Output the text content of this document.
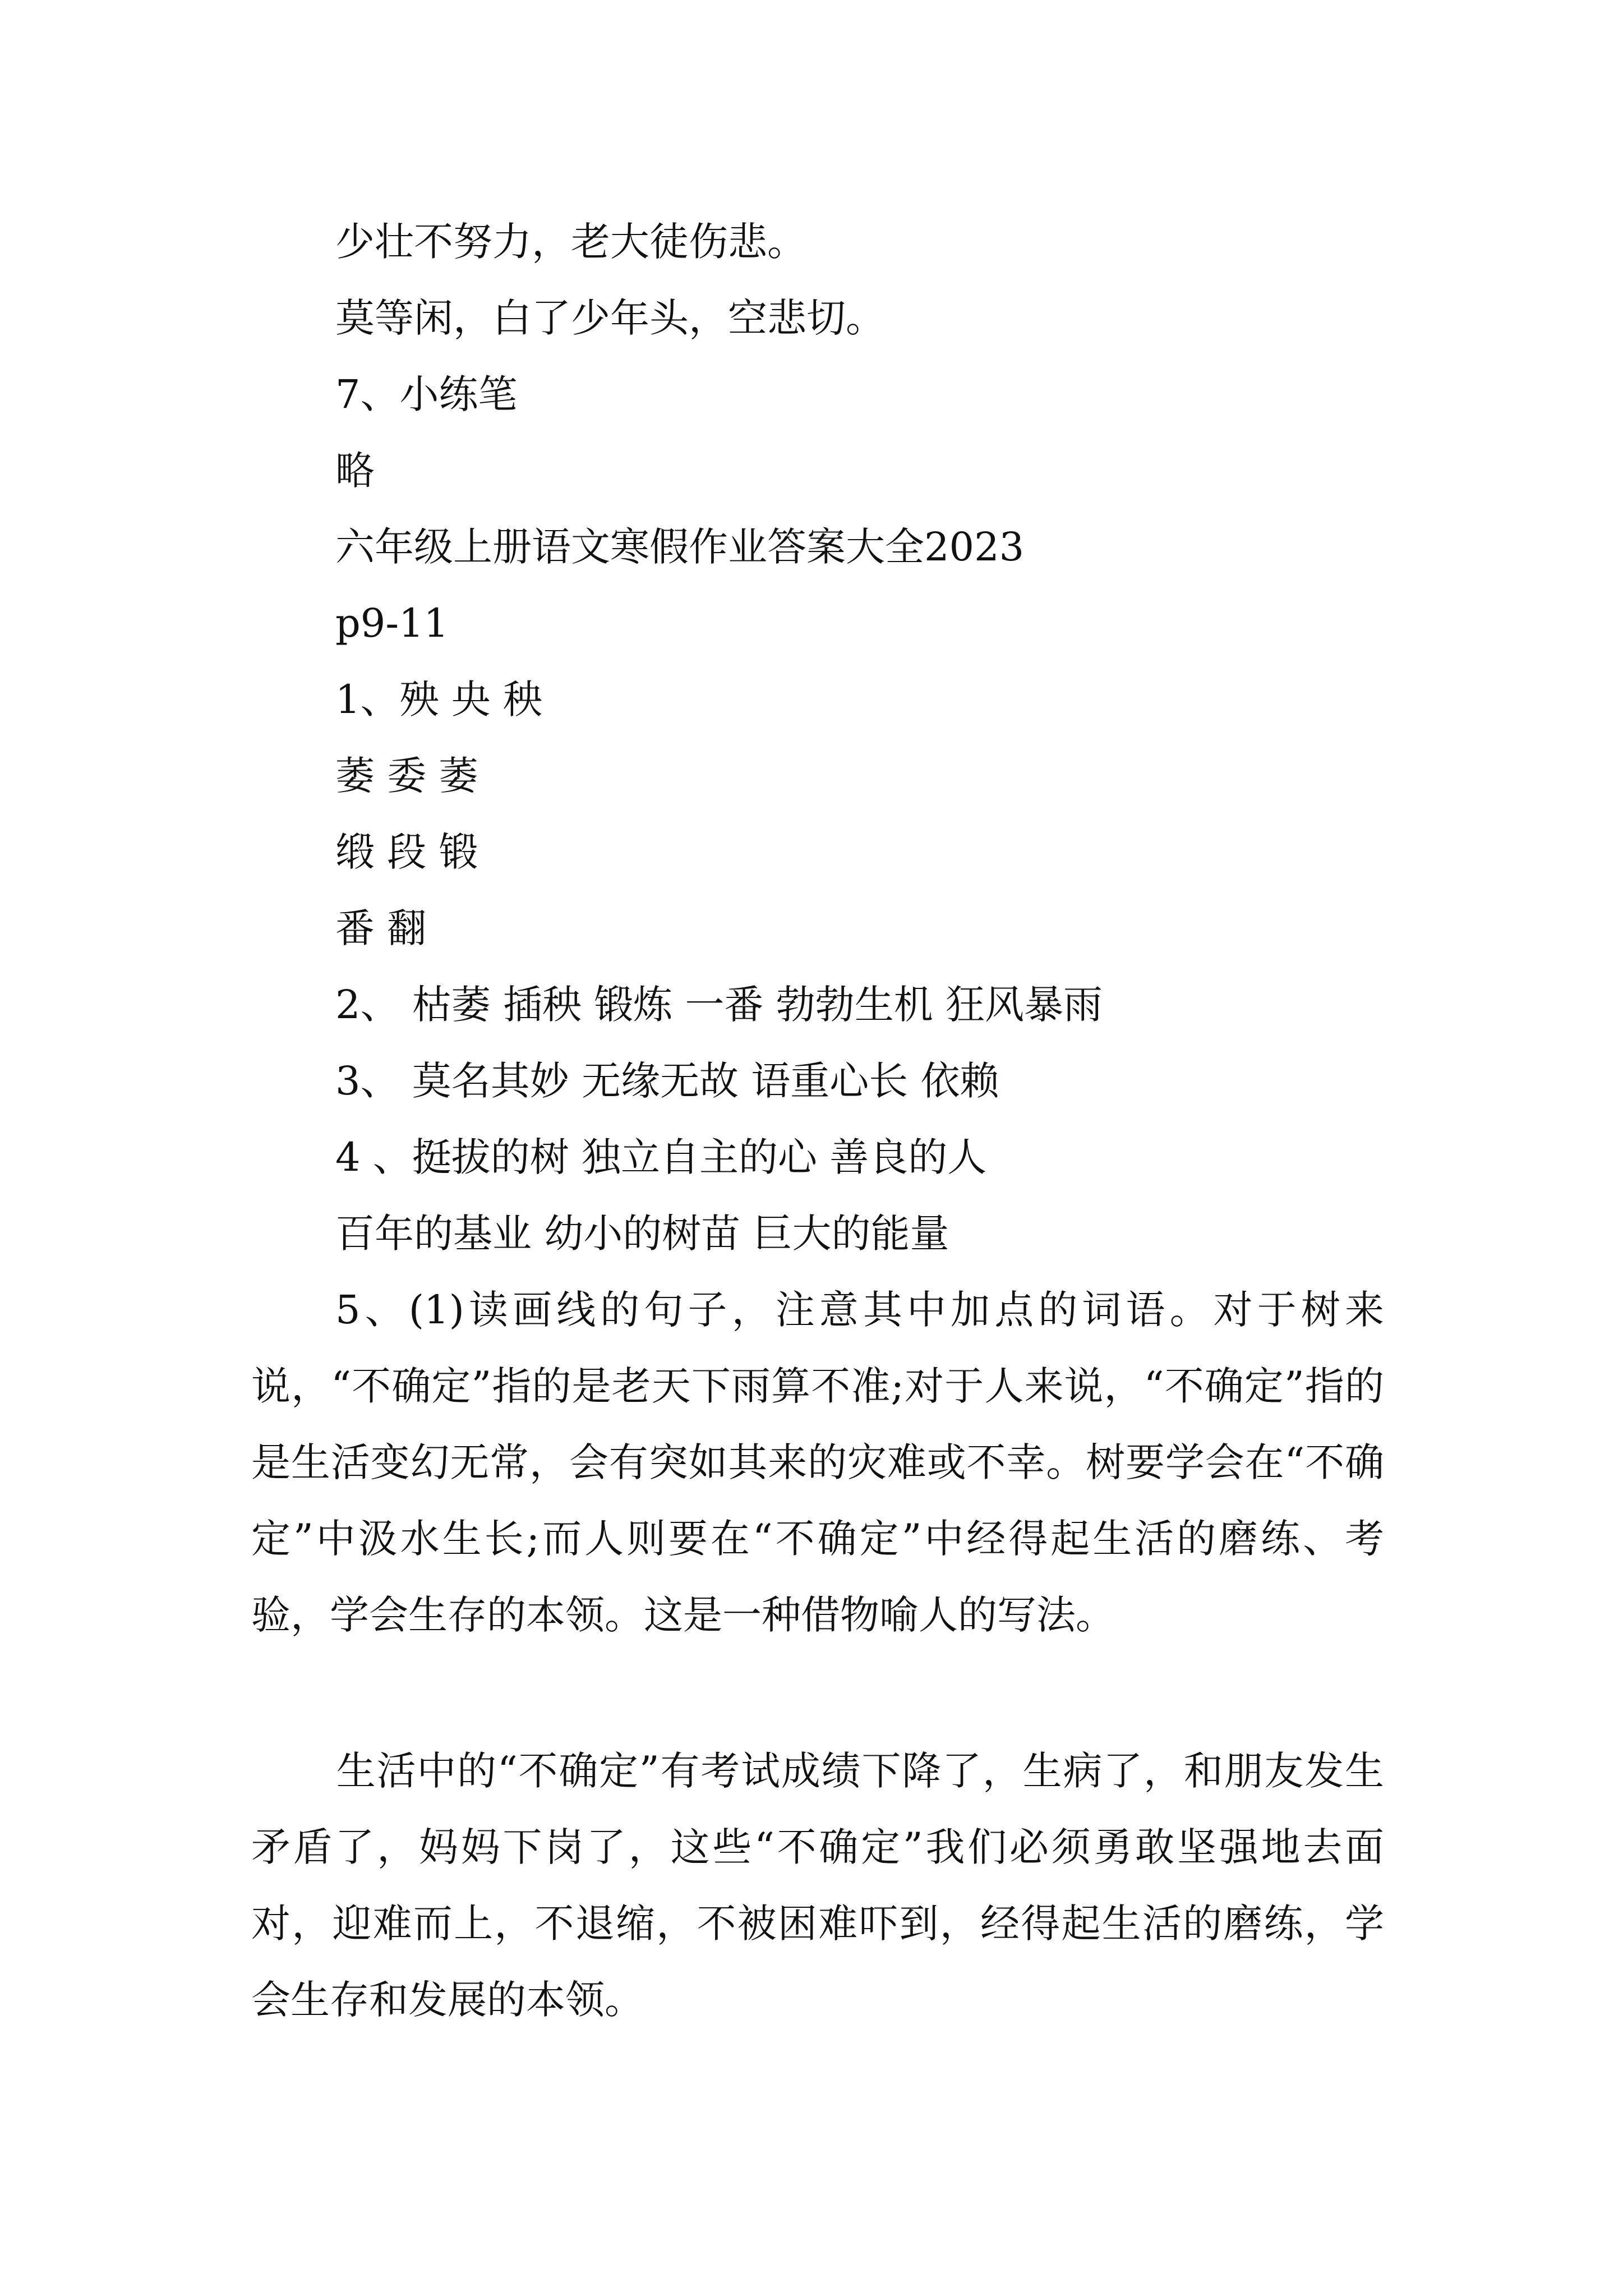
少壮不努力，老大徒伤悲。
莫等闲，白了少年头，空悲切。
7、小练笔
略
六年级上册语文寒假作业答案大全2023
p9-11
1、殃 央 秧
萎 委 萎
缎 段 锻
番 翻
2、 枯萎 插秧 锻炼 一番 勃勃生机 狂风暴雨
3、 莫名其妙 无缘无故 语重心长 依赖
4 、挺拔的树 独立自主的心 善良的人
百年的基业 幼小的树苗 巨大的能量
5、(1)读画线的句子，注意其中加点的词语。对于树来说，“不确定”指的是老天下雨算不准;对于人来说，“不确定”指的是生活变幻无常，会有突如其来的灾难或不幸。树要学会在“不确定”中汲水生长;而人则要在“不确定”中经得起生活的磨练、考验，学会生存的本领。这是一种借物喻人的写法。
生活中的“不确定”有考试成绩下降了，生病了，和朋友发生矛盾了，妈妈下岗了，这些“不确定”我们必须勇敢坚强地去面对，迎难而上，不退缩，不被困难吓到，经得起生活的磨练，学会生存和发展的本领。
